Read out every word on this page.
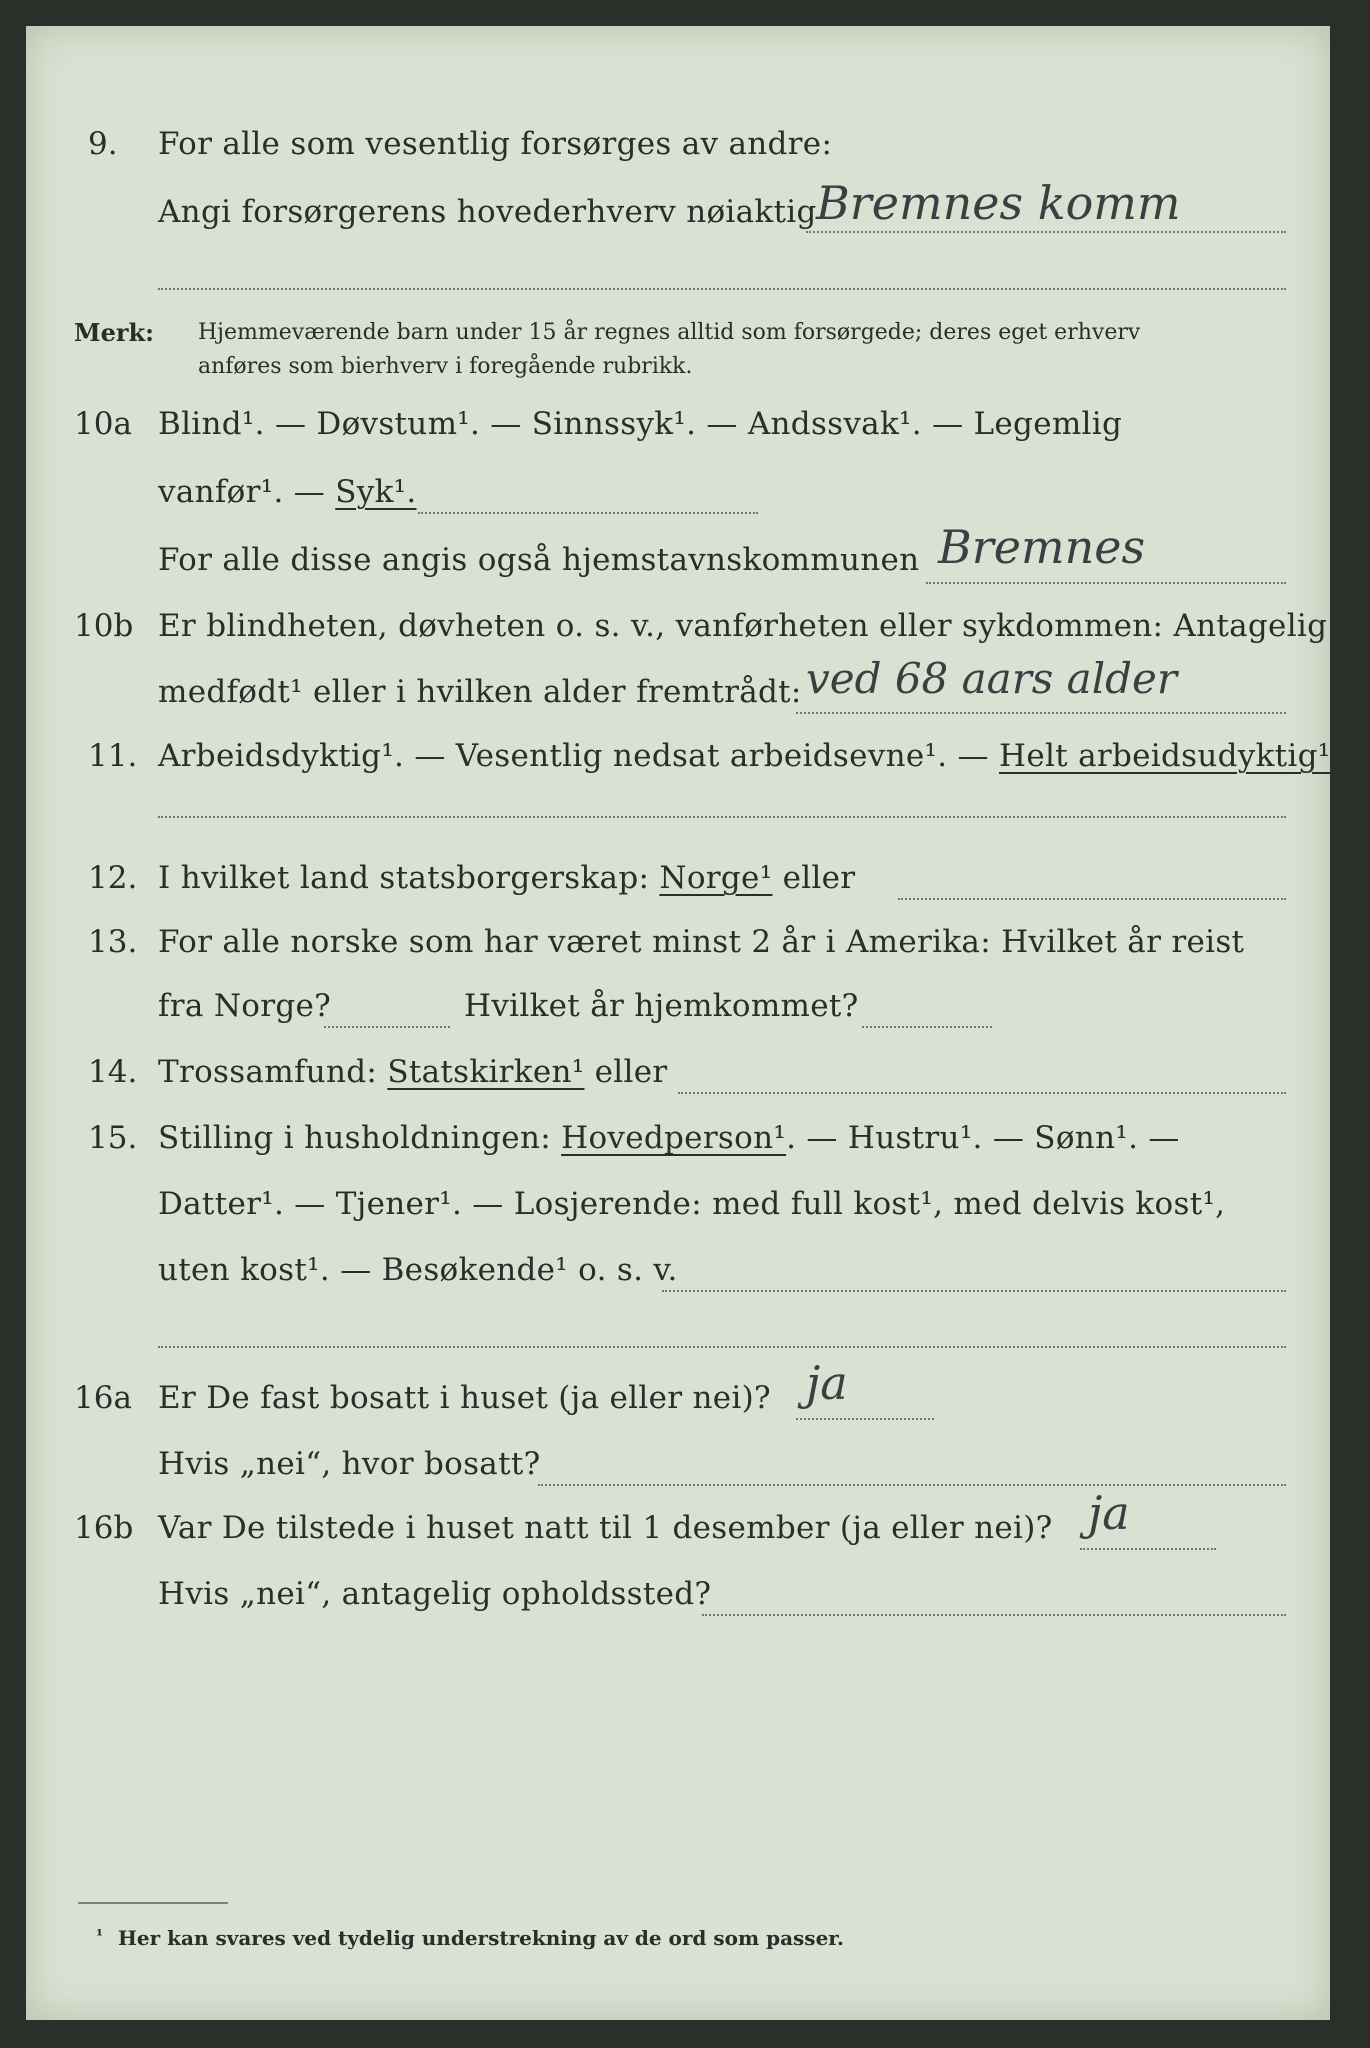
9. For alle som vesentlig forsørges av andre:
Angi forsørgerens hovederhverv nøiaktig Bremnes komm
Merk: Hjemmeværende barn under 15 år regnes alltid som forsørgede; deres eget erhverv
anføres som bierhverv i foregående rubrikk.
10a Blind¹. — Døvstum¹. — Sinnssyk¹. — Andssvak¹. — Legemlig
vanfør¹. — Syk¹.
For alle disse angis også hjemstavnskommunen Bremnes
10b Er blindheten, døvheten o. s. v., vanførheten eller sykdommen: Antagelig
medfødt¹ eller i hvilken alder fremtrådt: ved 68 aars alder
11. Arbeidsdyktig¹. — Vesentlig nedsat arbeidsevne¹. — Helt arbeidsudyktig¹.
12. I hvilket land statsborgerskap: Norge¹ eller
13. For alle norske som har været minst 2 år i Amerika: Hvilket år reist
fra Norge?	Hvilket år hjemkommet?
14. Trossamfund: Statskirken¹ eller
15. Stilling i husholdningen: Hovedperson¹. — Hustru¹. — Sønn¹. —
Datter¹. — Tjener¹. — Losjerende: med full kost¹, med delvis kost¹,
uten kost¹. — Besøkende¹ o. s. v.
16a Er De fast bosatt i huset (ja eller nei)? ja
Hvis „nei“, hvor bosatt?
16b Var De tilstede i huset natt til 1 desember (ja eller nei)? ja
Hvis „nei“, antagelig opholdssted?
¹ Her kan svares ved tydelig understrekning av de ord som passer.
